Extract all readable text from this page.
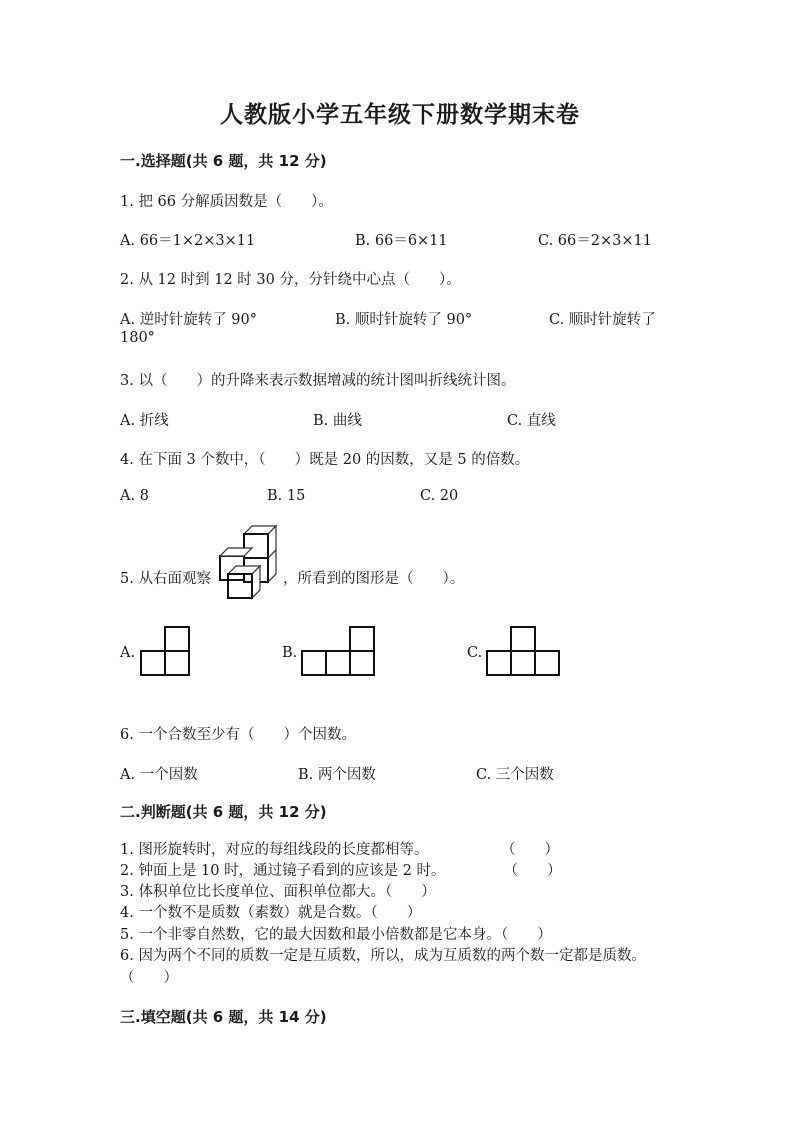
人教版小学五年级下册数学期末卷
一.选择题(共 6 题，共 12 分)
1. 把 66 分解质因数是（　　）。
A. 66＝1×2×3×11	B. 66＝6×11	C. 66＝2×3×11
2. 从 12 时到 12 时 30 分，分针绕中心点（　　）。
A. 逆时针旋转了 90°	B. 顺时针旋转了 90°	C. 顺时针旋转了
180°
3. 以（　　）的升降来表示数据增减的统计图叫折线统计图。
A. 折线	B. 曲线	C. 直线
4. 在下面 3 个数中，（　　）既是 20 的因数，又是 5 的倍数。
A. 8	B. 15	C. 20
5. 从右面观察	，所看到的图形是（　　）。
A.	B.	C.
6. 一个合数至少有（　　）个因数。
A. 一个因数	B. 两个因数	C. 三个因数
二.判断题(共 6 题，共 12 分)
1. 图形旋转时，对应的每组线段的长度都相等。　　　　　　（　　）
2. 钟面上是 10 时，通过镜子看到的应该是 2 时。　　　　　（　　）
3. 体积单位比长度单位、面积单位都大。（　　）
4. 一个数不是质数（素数）就是合数。（　　）
5. 一个非零自然数，它的最大因数和最小倍数都是它本身。（　　）
6. 因为两个不同的质数一定是互质数，所以，成为互质数的两个数一定都是质数。（　　）
三.填空题(共 6 题，共 14 分)
